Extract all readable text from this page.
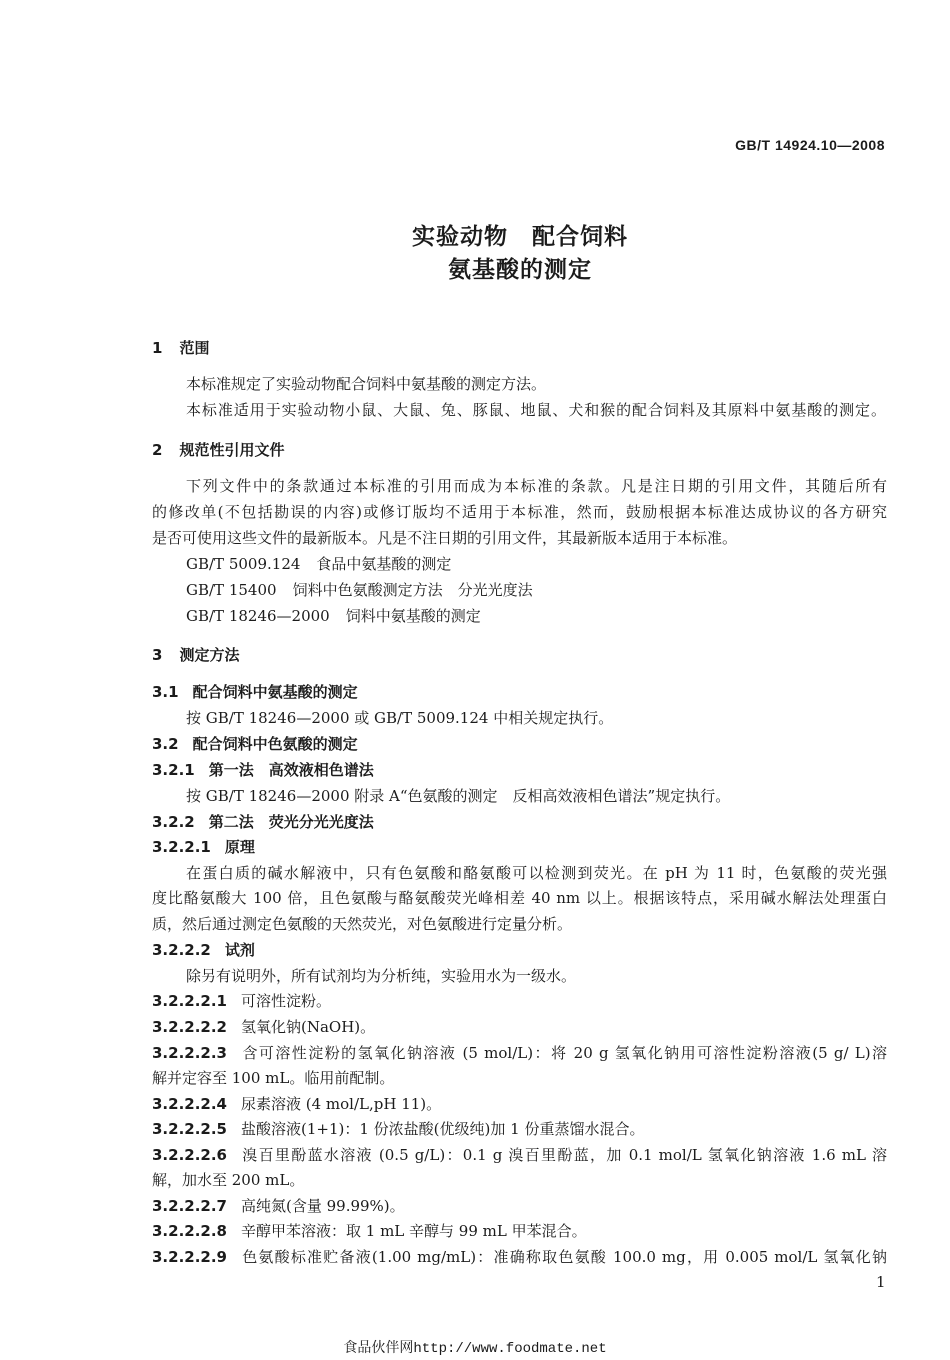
GB/T 14924.10—2008
实验动物　配合饲料
氨基酸的测定
1 范围
本标准规定了实验动物配合饲料中氨基酸的测定方法。
本标准适用于实验动物小鼠、大鼠、兔、豚鼠、地鼠、犬和猴的配合饲料及其原料中氨基酸的测定。
2 规范性引用文件
下列文件中的条款通过本标准的引用而成为本标准的条款。凡是注日期的引用文件，其随后所有
的修改单(不包括勘误的内容)或修订版均不适用于本标准，然而，鼓励根据本标准达成协议的各方研究
是否可使用这些文件的最新版本。凡是不注日期的引用文件，其最新版本适用于本标准。
GB/T 5009.124 食品中氨基酸的测定
GB/T 15400 饲料中色氨酸测定方法　分光光度法
GB/T 18246—2000 饲料中氨基酸的测定
3 测定方法
3.1 配合饲料中氨基酸的测定
按 GB/T 18246—2000 或 GB/T 5009.124 中相关规定执行。
3.2 配合饲料中色氨酸的测定
3.2.1 第一法　高效液相色谱法
按 GB/T 18246—2000 附录 A“色氨酸的测定　反相高效液相色谱法”规定执行。
3.2.2 第二法　荧光分光光度法
3.2.2.1 原理
在蛋白质的碱水解液中，只有色氨酸和酪氨酸可以检测到荧光。在 pH 为 11 时，色氨酸的荧光强
度比酪氨酸大 100 倍，且色氨酸与酪氨酸荧光峰相差 40 nm 以上。根据该特点，采用碱水解法处理蛋白
质，然后通过测定色氨酸的天然荧光，对色氨酸进行定量分析。
3.2.2.2 试剂
除另有说明外，所有试剂均为分析纯，实验用水为一级水。
3.2.2.2.1 可溶性淀粉。
3.2.2.2.2 氢氧化钠(NaOH)。
3.2.2.2.3 含可溶性淀粉的氢氧化钠溶液 (5 mol/L)：将 20 g 氢氧化钠用可溶性淀粉溶液(5 g/ L)溶
解并定容至 100 mL。临用前配制。
3.2.2.2.4 尿素溶液 (4 mol/L,pH 11)。
3.2.2.2.5 盐酸溶液(1+1)：1 份浓盐酸(优级纯)加 1 份重蒸馏水混合。
3.2.2.2.6 溴百里酚蓝水溶液 (0.5 g/L)：0.1 g 溴百里酚蓝，加 0.1 mol/L 氢氧化钠溶液 1.6 mL 溶
解，加水至 200 mL。
3.2.2.2.7 高纯氮(含量 99.99%)。
3.2.2.2.8 辛醇甲苯溶液：取 1 mL 辛醇与 99 mL 甲苯混合。
3.2.2.2.9 色氨酸标准贮备液(1.00 mg/mL)：准确称取色氨酸 100.0 mg，用 0.005 mol/L 氢氧化钠
1
食品伙伴网http://www.foodmate.net
